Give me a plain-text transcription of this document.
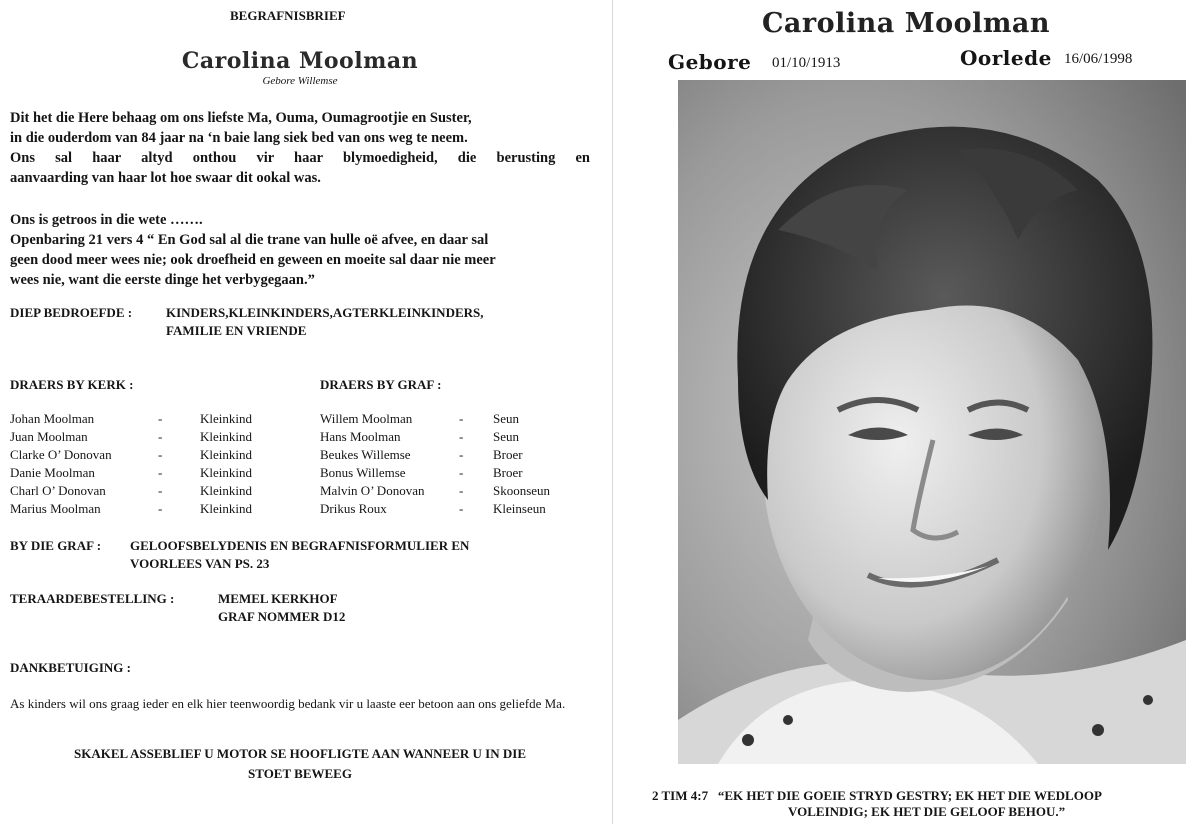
BEGRAFNISBRIEF
Carolina Moolman
Gebore Willemse
Dit het die Here behaag om ons liefste Ma, Ouma, Oumagrootjie en Suster,
in die ouderdom van 84 jaar na ‘n baie lang siek bed van ons weg te neem.
Ons sal haar altyd onthou vir haar blymoedigheid, die berusting en
aanvaarding van haar lot hoe swaar dit ookal was.
Ons is getroos in die wete …….
Openbaring 21 vers 4 “ En God sal al die trane van hulle oë afvee, en daar sal
geen dood meer wees nie; ook droefheid en geween en moeite sal daar nie meer
wees nie, want die eerste dinge het verbygegaan.”
DIEP BEDROEFDE :	KINDERS,KLEINKINDERS,AGTERKLEINKINDERS,
FAMILIE EN VRIENDE
DRAERS BY KERK :	DRAERS BY GRAF :
Johan Moolman	-	Kleinkind	Willem Moolman	- Seun
Juan Moolman	-	Kleinkind	Hans Moolman	- Seun
Clarke O’ Donovan	-	Kleinkind	Beukes Willemse	- Broer
Danie Moolman	-	Kleinkind	Bonus Willemse	- Broer
Charl O’ Donovan	-	Kleinkind	Malvin O’ Donovan	- Skoonseun
Marius Moolman	-	Kleinkind	Drikus Roux	- Kleinseun
BY DIE GRAF : GELOOFSBELYDENIS EN BEGRAFNISFORMULIER EN
VOORLEES VAN PS. 23
TERAARDEBESTELLING :	MEMEL KERKHOF
GRAF NOMMER D12
DANKBETUIGING :
As kinders wil ons graag ieder en elk hier teenwoordig bedank vir u laaste eer betoon aan ons geliefde Ma.
SKAKEL ASSEBLIEF U MOTOR SE HOOFLIGTE AAN WANNEER U IN DIE
STOET BEWEEG
Carolina Moolman
Gebore 01/10/1913	Oorlede 16/06/1998
2 TIM 4:7 “EK HET DIE GOEIE STRYD GESTRY; EK HET DIE WEDLOOP
VOLEINDIG; EK HET DIE GELOOF BEHOU.”
